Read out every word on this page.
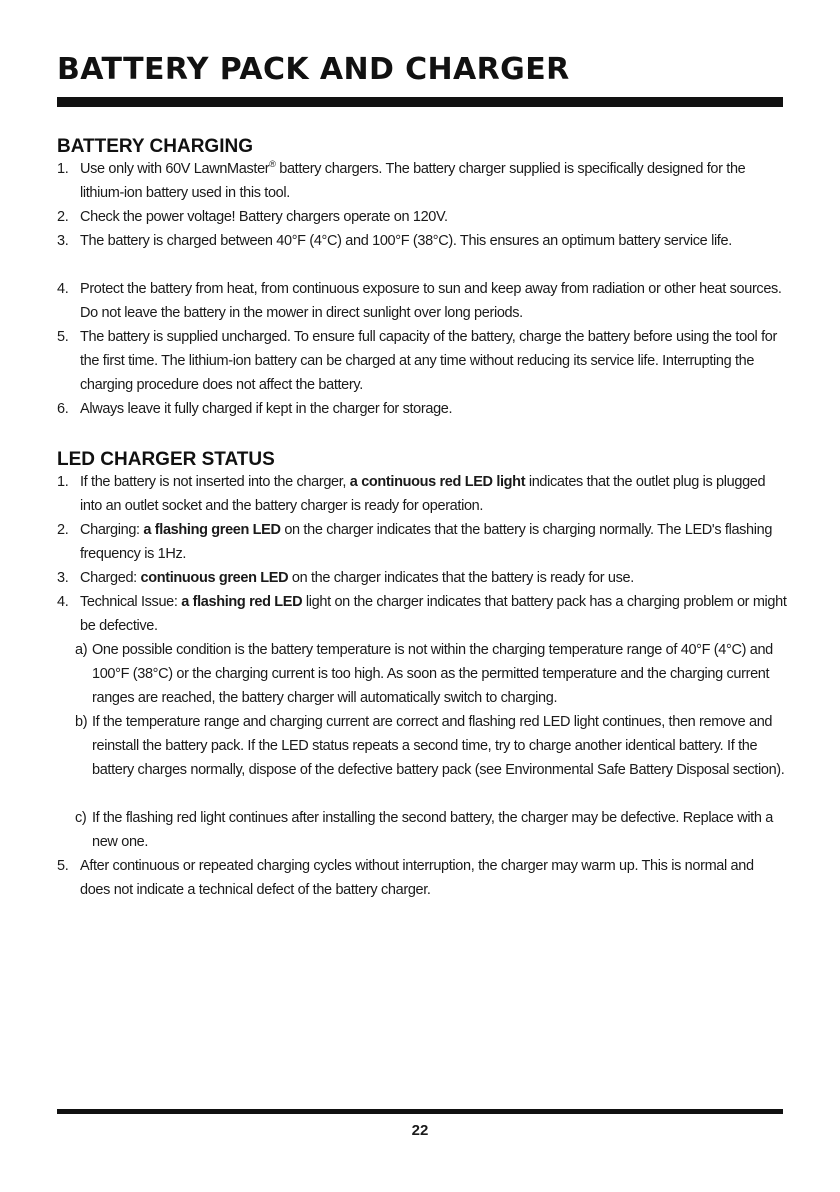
BATTERY PACK AND CHARGER
BATTERY CHARGING
1. Use only with 60V LawnMaster® battery chargers. The battery charger supplied is specifically designed for the lithium-ion battery used in this tool.
2. Check the power voltage! Battery chargers operate on 120V.
3. The battery is charged between 40°F (4°C) and 100°F (38°C). This ensures an optimum battery service life.
4. Protect the battery from heat, from continuous exposure to sun and keep away from radiation or other heat sources. Do not leave the battery in the mower in direct sunlight over long periods.
5. The battery is supplied uncharged. To ensure full capacity of the battery, charge the battery before using the tool for the first time. The lithium-ion battery can be charged at any time without reducing its service life. Interrupting the charging procedure does not affect the battery.
6. Always leave it fully charged if kept in the charger for storage.
LED CHARGER STATUS
1. If the battery is not inserted into the charger, a continuous red LED light indicates that the outlet plug is plugged into an outlet socket and the battery charger is ready for operation.
2. Charging: a flashing green LED on the charger indicates that the battery is charging normally. The LED's flashing frequency is 1Hz.
3. Charged: continuous green LED on the charger indicates that the battery is ready for use.
4. Technical Issue: a flashing red LED light on the charger indicates that battery pack has a charging problem or might be defective.
a) One possible condition is the battery temperature is not within the charging temperature range of 40°F (4°C) and 100°F (38°C) or the charging current is too high. As soon as the permitted temperature and the charging current ranges are reached, the battery charger will automatically switch to charging.
b) If the temperature range and charging current are correct and flashing red LED light continues, then remove and reinstall the battery pack. If the LED status repeats a second time, try to charge another identical battery. If the battery charges normally, dispose of the defective battery pack (see Environmental Safe Battery Disposal section).
c) If the flashing red light continues after installing the second battery, the charger may be defective. Replace with a new one.
5. After continuous or repeated charging cycles without interruption, the charger may warm up. This is normal and does not indicate a technical defect of the battery charger.
22
